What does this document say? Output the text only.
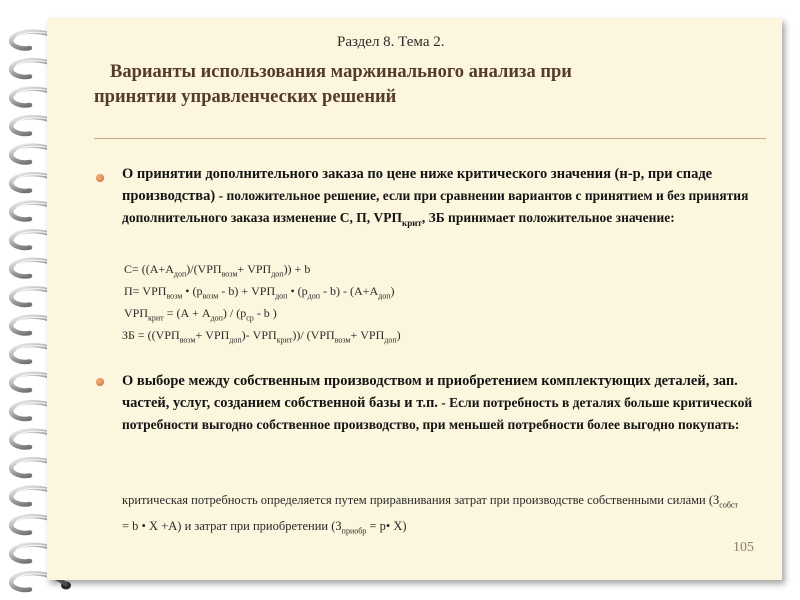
Раздел 8. Тема 2.
Варианты использования маржинального анализа при
принятии управленческих решений
О принятии дополнительного заказа по цене ниже критического значения (н-р, при спаде производства) - положительное решение, если при сравнении вариантов с принятием и без принятия дополнительного заказа изменение С, П, $VPП_{крит}$, ЗБ принимает положительное значение:
$С= ((А+А_{доп})/(VPП_{возм}+ VPП_{доп})) + b$
$П= VPП_{возм}$ • $(p_{возм} - b) + VPП_{доп}$ • $(p_{доп} - b) - (А+А_{доп})$
$VPП_{крит} = (А + А_{доп}) / (p_{ср} - b$ )
ЗБ = ($(VPП_{возм}+ VPП_{доп})-$ $VPП_{крит}))/$ $(VPП_{возм}+ VPП_{доп})$
О выборе между собственным производством и приобретением комплектующих деталей, зап. частей, услуг, созданием собственной базы и т.п. - Если потребность в деталях больше критической потребности выгодно собственное производство, при меньшей потребности более выгодно покупать:
критическая потребность определяется путем приравнивания затрат при производстве собственными силами ($З_{собст} = b$ • X +А) и затрат при приобретении ($З_{приобр}$ = p• X)
105
